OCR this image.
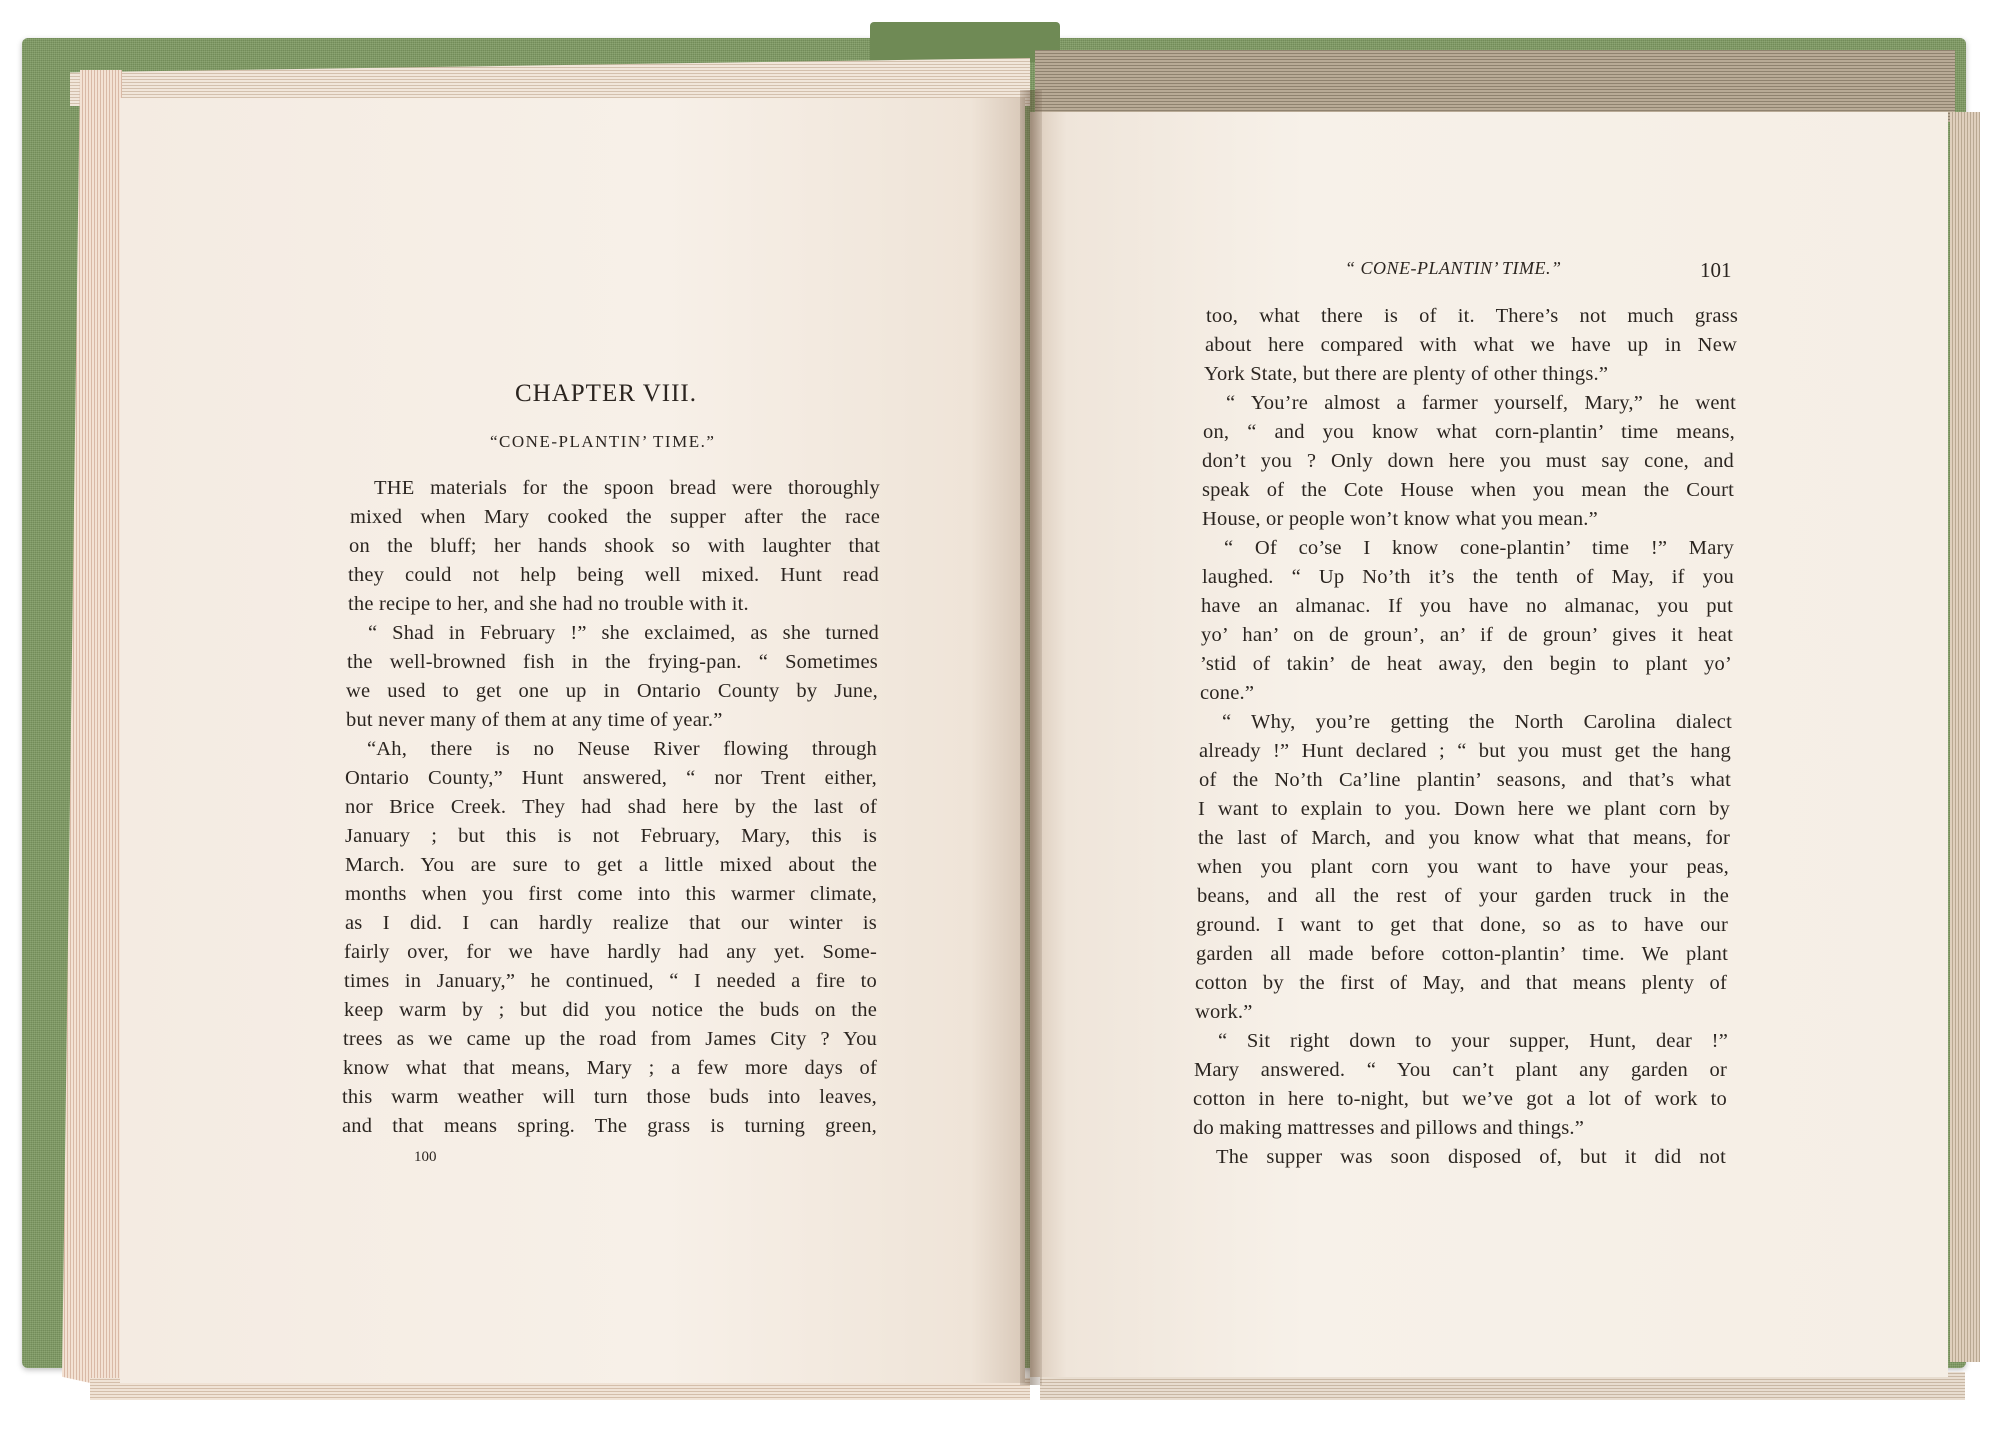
CHAPTER VIII.

“CONE-PLANTIN’ TIME.”

THE materials for the spoon bread were thoroughly

mixed when Mary cooked the supper after the race

on the bluff; her hands shook so with laughter that

they could not help being well mixed. Hunt read

the recipe to her, and she had no trouble with it.

“ Shad in February !” she exclaimed, as she turned

the well-browned fish in the frying-pan. “ Sometimes

we used to get one up in Ontario County by June,

but never many of them at any time of year.”

“Ah, there is no Neuse River flowing through

Ontario County,” Hunt answered, “ nor Trent either,

nor Brice Creek. They had shad here by the last of

January ; but this is not February, Mary, this is

March. You are sure to get a little mixed about the

months when you first come into this warmer climate,

as I did. I can hardly realize that our winter is

fairly over, for we have hardly had any yet. Some-

times in January,” he continued, “ I needed a fire to

keep warm by ; but did you notice the buds on the

trees as we came up the road from James City ? You

know what that means, Mary ; a few more days of

this warm weather will turn those buds into leaves,

and that means spring. The grass is turning green,

100

“ CONE-PLANTIN’ TIME.”	101

too, what there is of it. There’s not much grass

about here compared with what we have up in New

York State, but there are plenty of other things.”

“ You’re almost a farmer yourself, Mary,” he went

on, “ and you know what corn-plantin’ time means,

don’t you ? Only down here you must say cone, and

speak of the Cote House when you mean the Court

House, or people won’t know what you mean.”

“ Of co’se I know cone-plantin’ time !” Mary

laughed. “ Up No’th it’s the tenth of May, if you

have an almanac. If you have no almanac, you put

yo’ han’ on de groun’, an’ if de groun’ gives it heat

’stid of takin’ de heat away, den begin to plant yo’

cone.”

“ Why, you’re getting the North Carolina dialect

already !” Hunt declared ; “ but you must get the hang

of the No’th Ca’line plantin’ seasons, and that’s what

I want to explain to you. Down here we plant corn by

the last of March, and you know what that means, for

when you plant corn you want to have your peas,

beans, and all the rest of your garden truck in the

ground. I want to get that done, so as to have our

garden all made before cotton-plantin’ time. We plant

cotton by the first of May, and that means plenty of

work.”

“ Sit right down to your supper, Hunt, dear !”

Mary answered. “ You can’t plant any garden or

cotton in here to-night, but we’ve got a lot of work to

do making mattresses and pillows and things.”

The supper was soon disposed of, but it did not
